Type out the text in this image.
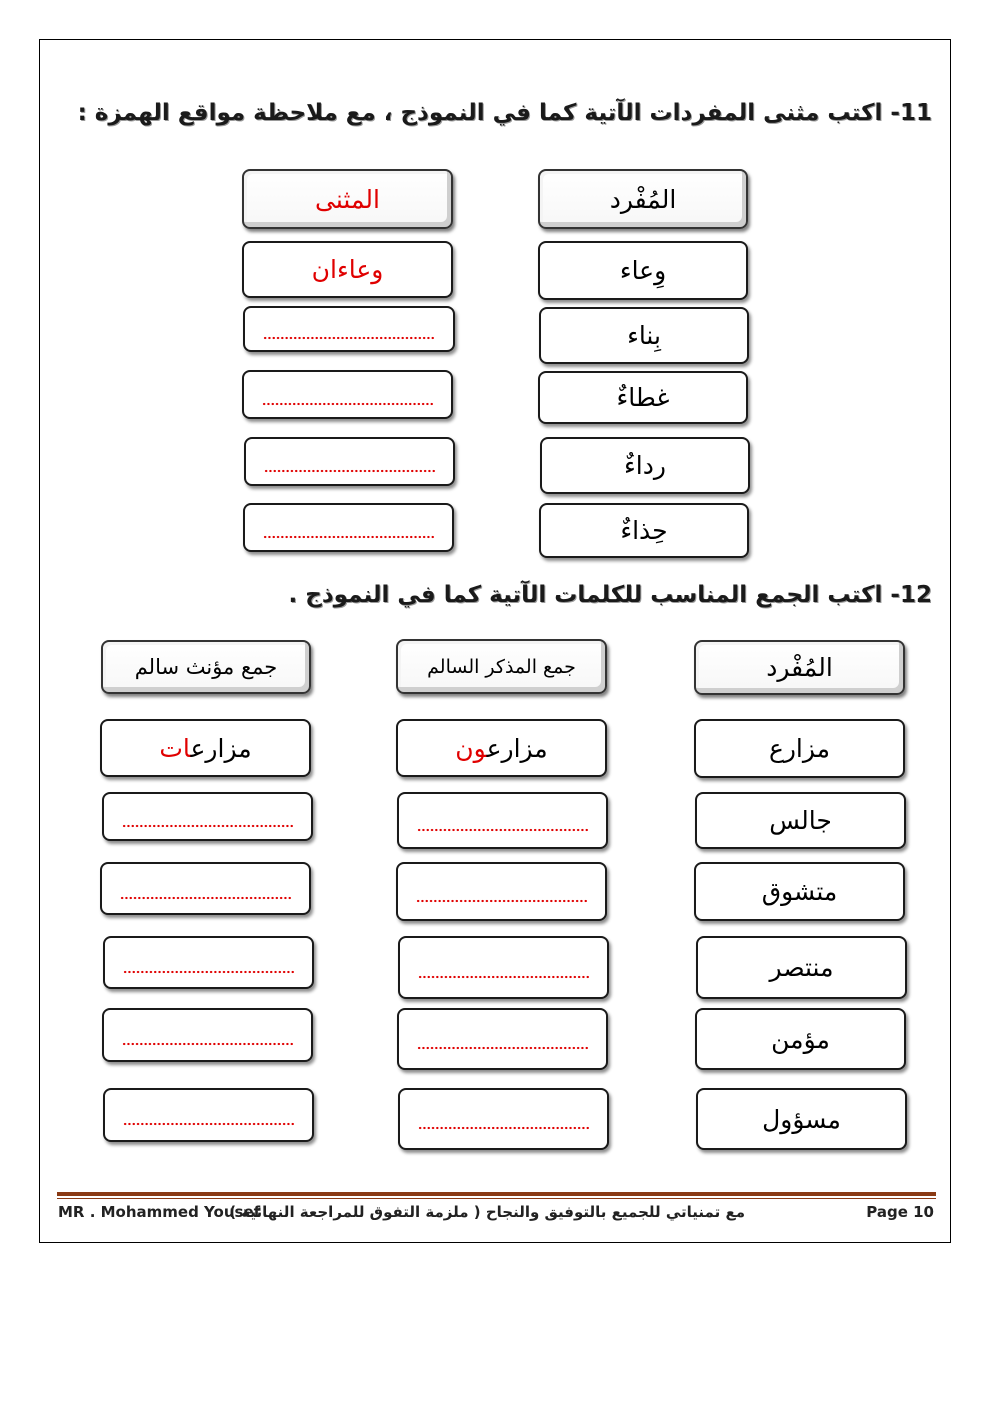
11- اكتب مثنى المفردات الآتية كما في النموذج ، مع ملاحظة مواقع الهمزة :
المُفْرد
المثنى
وِعاء
وعاءان
بِناء
غطاءٌ
رداءٌ
حِذاءٌ
12- اكتب الجمع المناسب للكلمات الآتية كما في النموذج .
المُفْرد
جمع المذكر السالم
جمع مؤنث سالم
مزارع
مزارعون
مزارعات
جالس
متشوق
منتصر
مؤمن
مسؤول
MR . Mohammed Yousef
مع تمنياتي للجميع بالتوفيق والنجاح ( ملزمة التفوق للمراجعة النهائية )	Page 10
